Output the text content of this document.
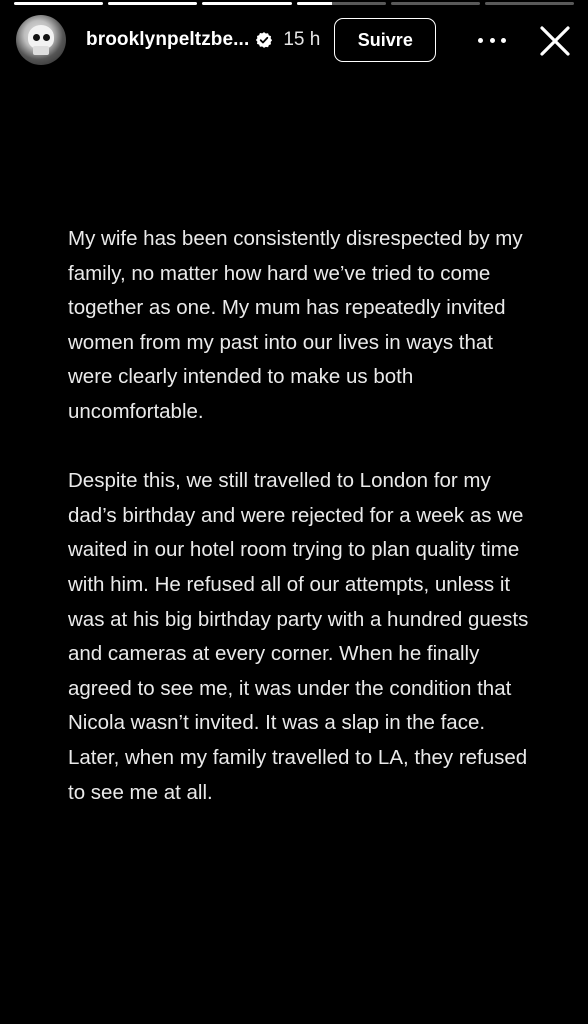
brooklynpeltzbe... 15 h	Suivre

My wife has been consistently disrespected by my family, no matter how hard we’ve tried to come together as one. My mum has repeatedly invited women from my past into our lives in ways that were clearly intended to make us both uncomfortable.

Despite this, we still travelled to London for my dad’s birthday and were rejected for a week as we waited in our hotel room trying to plan quality time with him. He refused all of our attempts, unless it was at his big birthday party with a hundred guests and cameras at every corner. When he finally agreed to see me, it was under the condition that Nicola wasn’t invited. It was a slap in the face. Later, when my family travelled to LA, they refused to see me at all.
